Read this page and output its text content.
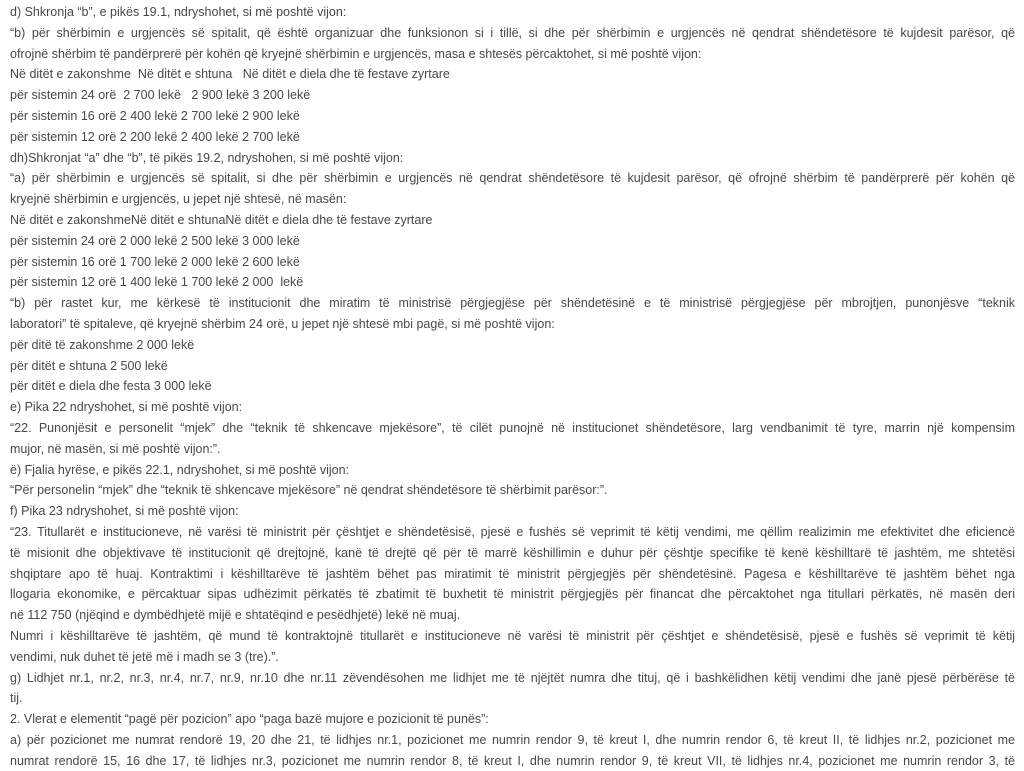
d) Shkronja “b”, e pikës 19.1, ndryshohet, si më poshtë vijon:
“b) për shërbimin e urgjencës së spitalit, që është organizuar dhe funksionon si i tillë, si dhe për shërbimin e urgjencës në qendrat shëndetësore të kujdesit parësor, që
ofrojnë shërbim të pandërprerë për kohën që kryejnë shërbimin e urgjencës, masa e shtesës përcaktohet, si më poshtë vijon:
Në ditët e zakonshme  Në ditët e shtuna   Në ditët e diela dhe të festave zyrtare
për sistemin 24 orë  2 700 lekë   2 900 lekë 3 200 lekë
për sistemin 16 orë 2 400 lekë 2 700 lekë 2 900 lekë
për sistemin 12 orë 2 200 lekë 2 400 lekë 2 700 lekë
dh)Shkronjat “a” dhe “b”, të pikës 19.2, ndryshohen, si më poshtë vijon:
“a) për shërbimin e urgjencës së spitalit, si dhe për shërbimin e urgjencës në qendrat shëndetësore të kujdesit parësor, që ofrojnë shërbim të pandërprerë për kohën që
kryejnë shërbimin e urgjencës, u jepet një shtesë, në masën:
Në ditët e zakonshmeNë ditët e shtunaNë ditët e diela dhe të festave zyrtare
për sistemin 24 orë 2 000 lekë 2 500 lekë 3 000 lekë
për sistemin 16 orë 1 700 lekë 2 000 lekë 2 600 lekë
për sistemin 12 orë 1 400 lekë 1 700 lekë 2 000  lekë
“b) për rastet kur, me kërkesë të institucionit dhe miratim të ministrisë përgjegjëse për shëndetësinë e të ministrisë përgjegjëse për mbrojtjen, punonjësve “teknik
laboratori” të spitaleve, që kryejnë shërbim 24 orë, u jepet një shtesë mbi pagë, si më poshtë vijon:
për ditë të zakonshme 2 000 lekë
për ditët e shtuna 2 500 lekë
për ditët e diela dhe festa 3 000 lekë
e) Pika 22 ndryshohet, si më poshtë vijon:
“22. Punonjësit e personelit “mjek” dhe “teknik të shkencave mjekësore”, të cilët punojnë në institucionet shëndetësore, larg vendbanimit të tyre, marrin një kompensim
mujor, në masën, si më poshtë vijon:”.
ë) Fjalia hyrëse, e pikës 22.1, ndryshohet, si më poshtë vijon:
“Për personelin “mjek” dhe “teknik të shkencave mjekësore” në qendrat shëndetësore të shërbimit parësor:”.
f) Pika 23 ndryshohet, si më poshtë vijon:
“23. Titullarët e institucioneve, në varësi të ministrit për çështjet e shëndetësisë, pjesë e fushës së veprimit të këtij vendimi, me qëllim realizimin me efektivitet dhe eficiencë
të misionit dhe objektivave të institucionit që drejtojnë, kanë të drejtë që për të marrë këshillimin e duhur për çështje specifike të kenë këshilltarë të jashtëm, me shtetësi
shqiptare apo të huaj. Kontraktimi i këshilltarëve të jashtëm bëhet pas miratimit të ministrit përgjegjës për shëndetësinë. Pagesa e këshilltarëve të jashtëm bëhet nga
llogaria ekonomike, e përcaktuar sipas udhëzimit përkatës të zbatimit të buxhetit të ministrit përgjegjës për financat dhe përcaktohet nga titullari përkatës, në masën deri
në 112 750 (njëqind e dymbëdhjetë mijë e shtatëqind e pesëdhjetë) lekë në muaj.
Numri i këshilltarëve të jashtëm, që mund të kontraktojnë titullarët e institucioneve në varësi të ministrit për çështjet e shëndetësisë, pjesë e fushës së veprimit të këtij
vendimi, nuk duhet të jetë më i madh se 3 (tre).”.
g) Lidhjet nr.1, nr.2, nr.3, nr.4, nr.7, nr.9, nr.10 dhe nr.11 zëvendësohen me lidhjet me të njëjtët numra dhe tituj, që i bashkëlidhen këtij vendimi dhe janë pjesë përbërëse të
tij.
2. Vlerat e elementit “pagë për pozicion” apo “paga bazë mujore e pozicionit të punës”:
a) për pozicionet me numrat rendorë 19, 20 dhe 21, të lidhjes nr.1, pozicionet me numrin rendor 9, të kreut I, dhe numrin rendor 6, të kreut II, të lidhjes nr.2, pozicionet me
numrat rendorë 15, 16 dhe 17, të lidhjes nr.3, pozicionet me numrin rendor 8, të kreut I, dhe numrin rendor 9, të kreut VII, të lidhjes nr.4, pozicionet me numrin rendor 3, të
